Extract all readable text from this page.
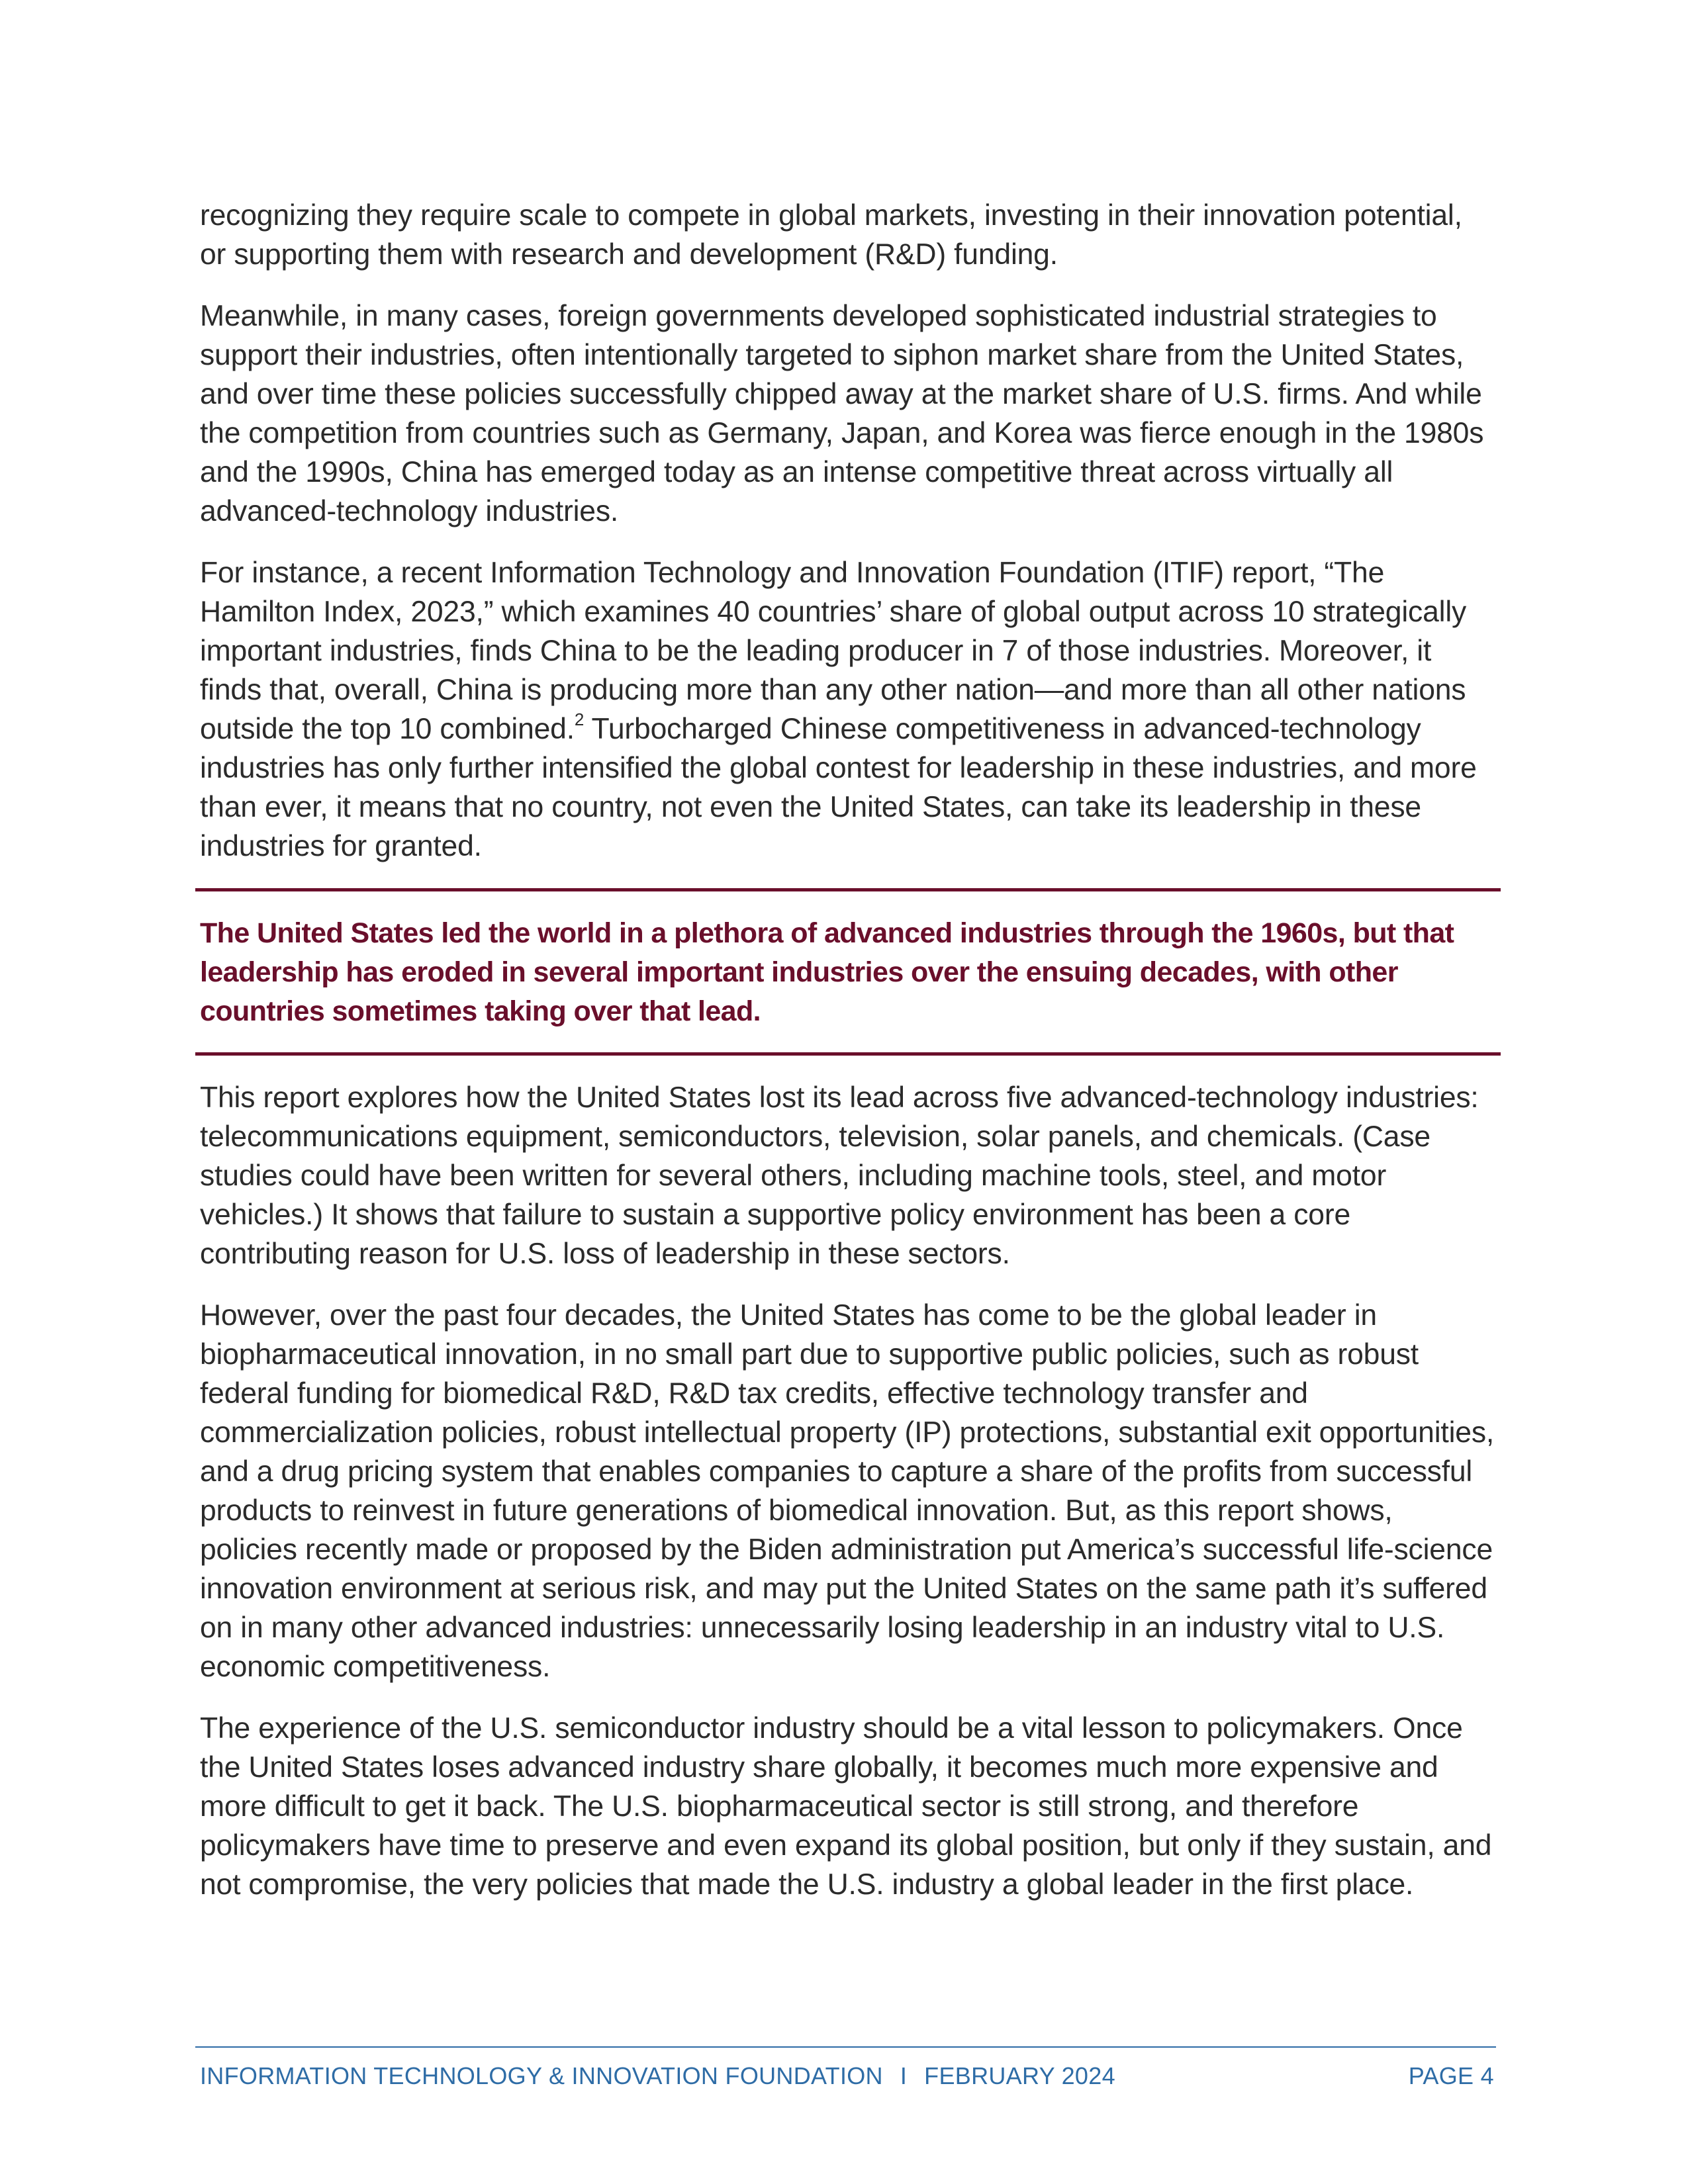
recognizing they require scale to compete in global markets, investing in their innovation potential, or supporting them with research and development (R&D) funding.

Meanwhile, in many cases, foreign governments developed sophisticated industrial strategies to support their industries, often intentionally targeted to siphon market share from the United States, and over time these policies successfully chipped away at the market share of U.S. firms. And while the competition from countries such as Germany, Japan, and Korea was fierce enough in the 1980s and the 1990s, China has emerged today as an intense competitive threat across virtually all advanced-technology industries.

For instance, a recent Information Technology and Innovation Foundation (ITIF) report, “The Hamilton Index, 2023,” which examines 40 countries’ share of global output across 10 strategically important industries, finds China to be the leading producer in 7 of those industries. Moreover, it finds that, overall, China is producing more than any other nation—and more than all other nations outside the top 10 combined.$^2$ Turbocharged Chinese competitiveness in advanced-technology industries has only further intensified the global contest for leadership in these industries, and more than ever, it means that no country, not even the United States, can take its leadership in these industries for granted.

The United States led the world in a plethora of advanced industries through the 1960s, but that leadership has eroded in several important industries over the ensuing decades, with other countries sometimes taking over that lead.

This report explores how the United States lost its lead across five advanced-technology industries: telecommunications equipment, semiconductors, television, solar panels, and chemicals. (Case studies could have been written for several others, including machine tools, steel, and motor vehicles.) It shows that failure to sustain a supportive policy environment has been a core contributing reason for U.S. loss of leadership in these sectors.

However, over the past four decades, the United States has come to be the global leader in biopharmaceutical innovation, in no small part due to supportive public policies, such as robust federal funding for biomedical R&D, R&D tax credits, effective technology transfer and commercialization policies, robust intellectual property (IP) protections, substantial exit opportunities, and a drug pricing system that enables companies to capture a share of the profits from successful products to reinvest in future generations of biomedical innovation. But, as this report shows, policies recently made or proposed by the Biden administration put America’s successful life-science innovation environment at serious risk, and may put the United States on the same path it’s suffered on in many other advanced industries: unnecessarily losing leadership in an industry vital to U.S. economic competitiveness.

The experience of the U.S. semiconductor industry should be a vital lesson to policymakers. Once the United States loses advanced industry share globally, it becomes much more expensive and more difficult to get it back. The U.S. biopharmaceutical sector is still strong, and therefore policymakers have time to preserve and even expand its global position, but only if they sustain, and not compromise, the very policies that made the U.S. industry a global leader in the first place.

INFORMATION TECHNOLOGY & INNOVATION FOUNDATION I FEBRUARY 2024	PAGE 4
